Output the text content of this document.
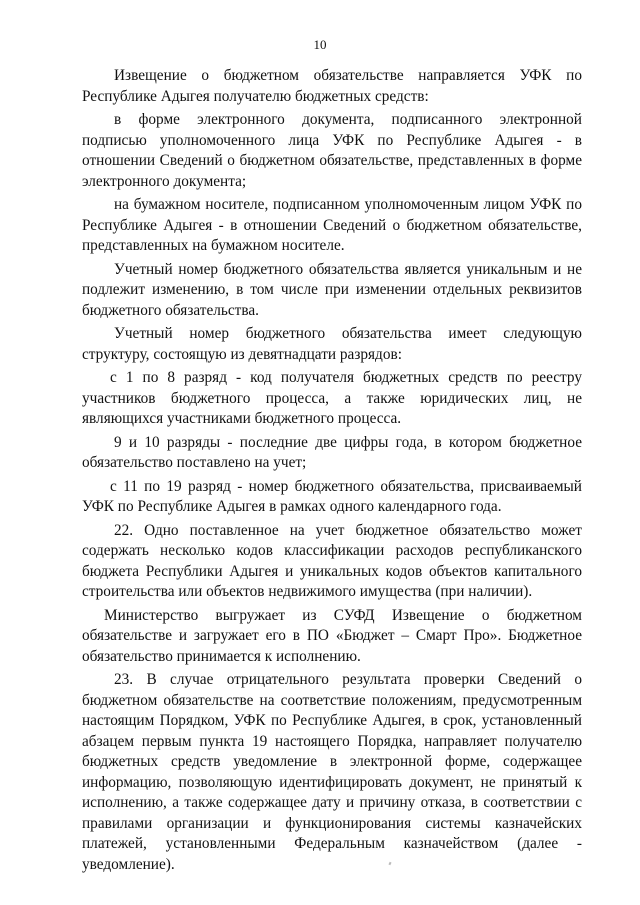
10

Извещение о бюджетном обязательстве направляется УФК по Республике Адыгея получателю бюджетных средств:

в форме электронного документа, подписанного электронной подписью уполномоченного лица УФК по Республике Адыгея - в отношении Сведений о бюджетном обязательстве, представленных в форме электронного документа;

на бумажном носителе, подписанном уполномоченным лицом УФК по Республике Адыгея - в отношении Сведений о бюджетном обязательстве, представленных на бумажном носителе.

Учетный номер бюджетного обязательства является уникальным и не подлежит изменению, в том числе при изменении отдельных реквизитов бюджетного обязательства.

Учетный номер бюджетного обязательства имеет следующую структуру, состоящую из девятнадцати разрядов:

с 1 по 8 разряд - код получателя бюджетных средств по реестру участников бюджетного процесса, а также юридических лиц, не являющихся участниками бюджетного процесса.

9 и 10 разряды - последние две цифры года, в котором бюджетное обязательство поставлено на учет;

с 11 по 19 разряд - номер бюджетного обязательства, присваиваемый УФК по Республике Адыгея в рамках одного календарного года.

22. Одно поставленное на учет бюджетное обязательство может содержать несколько кодов классификации расходов республиканского бюджета Республики Адыгея и уникальных кодов объектов капитального строительства или объектов недвижимого имущества (при наличии).

Министерство выгружает из СУФД Извещение о бюджетном обязательстве и загружает его в ПО «Бюджет – Смарт Про». Бюджетное обязательство принимается к исполнению.

23. В случае отрицательного результата проверки Сведений о бюджетном обязательстве на соответствие положениям, предусмотренным настоящим Порядком, УФК по Республике Адыгея, в срок, установленный абзацем первым пункта 19 настоящего Порядка, направляет получателю бюджетных средств уведомление в электронной форме, содержащее информацию, позволяющую идентифицировать документ, не принятый к исполнению, а также содержащее дату и причину отказа, в соответствии с правилами организации и функционирования системы казначейских платежей, установленными Федеральным казначейством (далее - уведомление).
